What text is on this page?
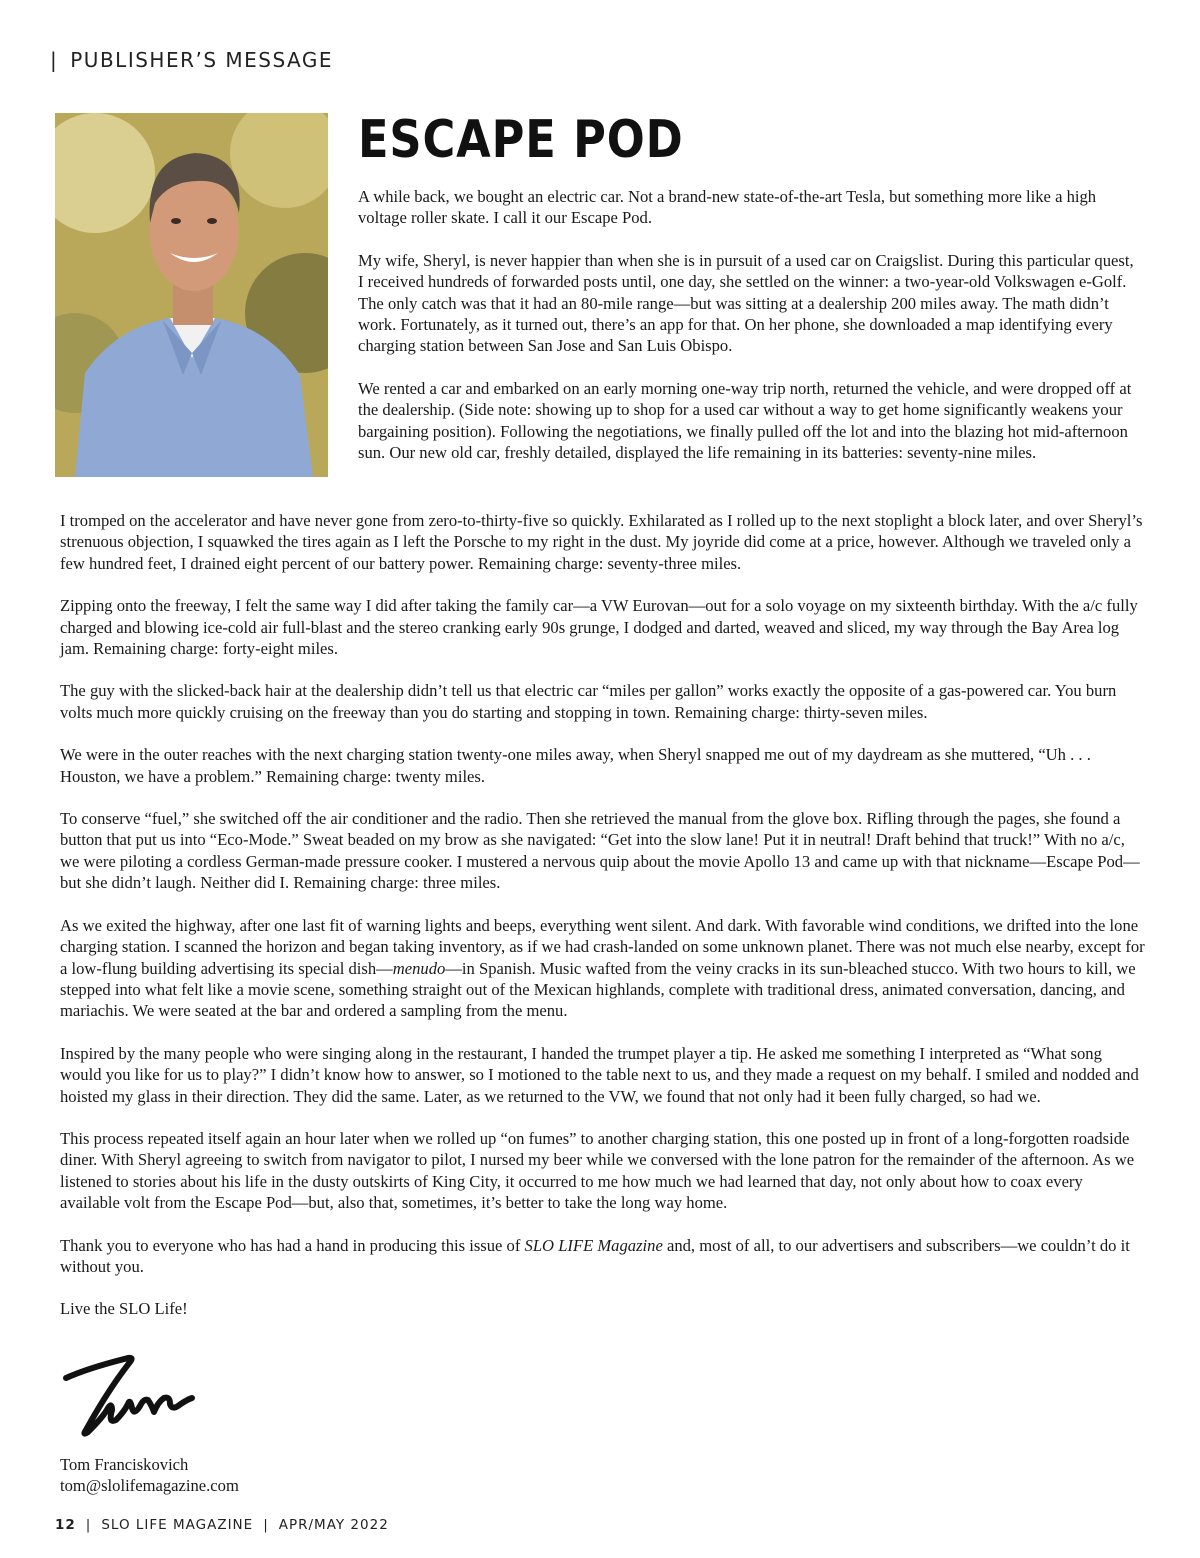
| PUBLISHER’S MESSAGE
ESCAPE POD

A while back, we bought an electric car. Not a brand-new state-of-the-art Tesla, but something more like a high voltage roller skate. I call it our Escape Pod.

My wife, Sheryl, is never happier than when she is in pursuit of a used car on Craigslist. During this particular quest, I received hundreds of forwarded posts until, one day, she settled on the winner: a two-year-old Volkswagen e-Golf. The only catch was that it had an 80-mile range—but was sitting at a dealership 200 miles away. The math didn’t work. Fortunately, as it turned out, there’s an app for that. On her phone, she downloaded a map identifying every charging station between San Jose and San Luis Obispo.

We rented a car and embarked on an early morning one-way trip north, returned the vehicle, and were dropped off at the dealership. (Side note: showing up to shop for a used car without a way to get home significantly weakens your bargaining position). Following the negotiations, we finally pulled off the lot and into the blazing hot mid-afternoon sun. Our new old car, freshly detailed, displayed the life remaining in its batteries: seventy-nine miles.

I tromped on the accelerator and have never gone from zero-to-thirty-five so quickly. Exhilarated as I rolled up to the next stoplight a block later, and over Sheryl’s strenuous objection, I squawked the tires again as I left the Porsche to my right in the dust. My joyride did come at a price, however. Although we traveled only a few hundred feet, I drained eight percent of our battery power. Remaining charge: seventy-three miles.

Zipping onto the freeway, I felt the same way I did after taking the family car—a VW Eurovan—out for a solo voyage on my sixteenth birthday. With the a/c fully charged and blowing ice-cold air full-blast and the stereo cranking early 90s grunge, I dodged and darted, weaved and sliced, my way through the Bay Area log jam. Remaining charge: forty-eight miles.

The guy with the slicked-back hair at the dealership didn’t tell us that electric car “miles per gallon” works exactly the opposite of a gas-powered car. You burn volts much more quickly cruising on the freeway than you do starting and stopping in town. Remaining charge: thirty-seven miles.

We were in the outer reaches with the next charging station twenty-one miles away, when Sheryl snapped me out of my daydream as she muttered, “Uh . . . Houston, we have a problem.” Remaining charge: twenty miles.

To conserve “fuel,” she switched off the air conditioner and the radio. Then she retrieved the manual from the glove box. Rifling through the pages, she found a button that put us into “Eco-Mode.” Sweat beaded on my brow as she navigated: “Get into the slow lane! Put it in neutral! Draft behind that truck!” With no a/c, we were piloting a cordless German-made pressure cooker. I mustered a nervous quip about the movie Apollo 13 and came up with that nickname—Escape Pod—but she didn’t laugh. Neither did I. Remaining charge: three miles.

As we exited the highway, after one last fit of warning lights and beeps, everything went silent. And dark. With favorable wind conditions, we drifted into the lone charging station. I scanned the horizon and began taking inventory, as if we had crash-landed on some unknown planet. There was not much else nearby, except for a low-flung building advertising its special dish—menudo—in Spanish. Music wafted from the veiny cracks in its sun-bleached stucco. With two hours to kill, we stepped into what felt like a movie scene, something straight out of the Mexican highlands, complete with traditional dress, animated conversation, dancing, and mariachis. We were seated at the bar and ordered a sampling from the menu.

Inspired by the many people who were singing along in the restaurant, I handed the trumpet player a tip. He asked me something I interpreted as “What song would you like for us to play?” I didn’t know how to answer, so I motioned to the table next to us, and they made a request on my behalf. I smiled and nodded and hoisted my glass in their direction. They did the same. Later, as we returned to the VW, we found that not only had it been fully charged, so had we.

This process repeated itself again an hour later when we rolled up “on fumes” to another charging station, this one posted up in front of a long-forgotten roadside diner. With Sheryl agreeing to switch from navigator to pilot, I nursed my beer while we conversed with the lone patron for the remainder of the afternoon. As we listened to stories about his life in the dusty outskirts of King City, it occurred to me how much we had learned that day, not only about how to coax every available volt from the Escape Pod—but, also that, sometimes, it’s better to take the long way home.

Thank you to everyone who has had a hand in producing this issue of SLO LIFE Magazine and, most of all, to our advertisers and subscribers—we couldn’t do it without you.

Live the SLO Life!

Tom Franciskovich
tom@slolifemagazine.com
12 | SLO LIFE MAGAZINE | APR/MAY 2022
